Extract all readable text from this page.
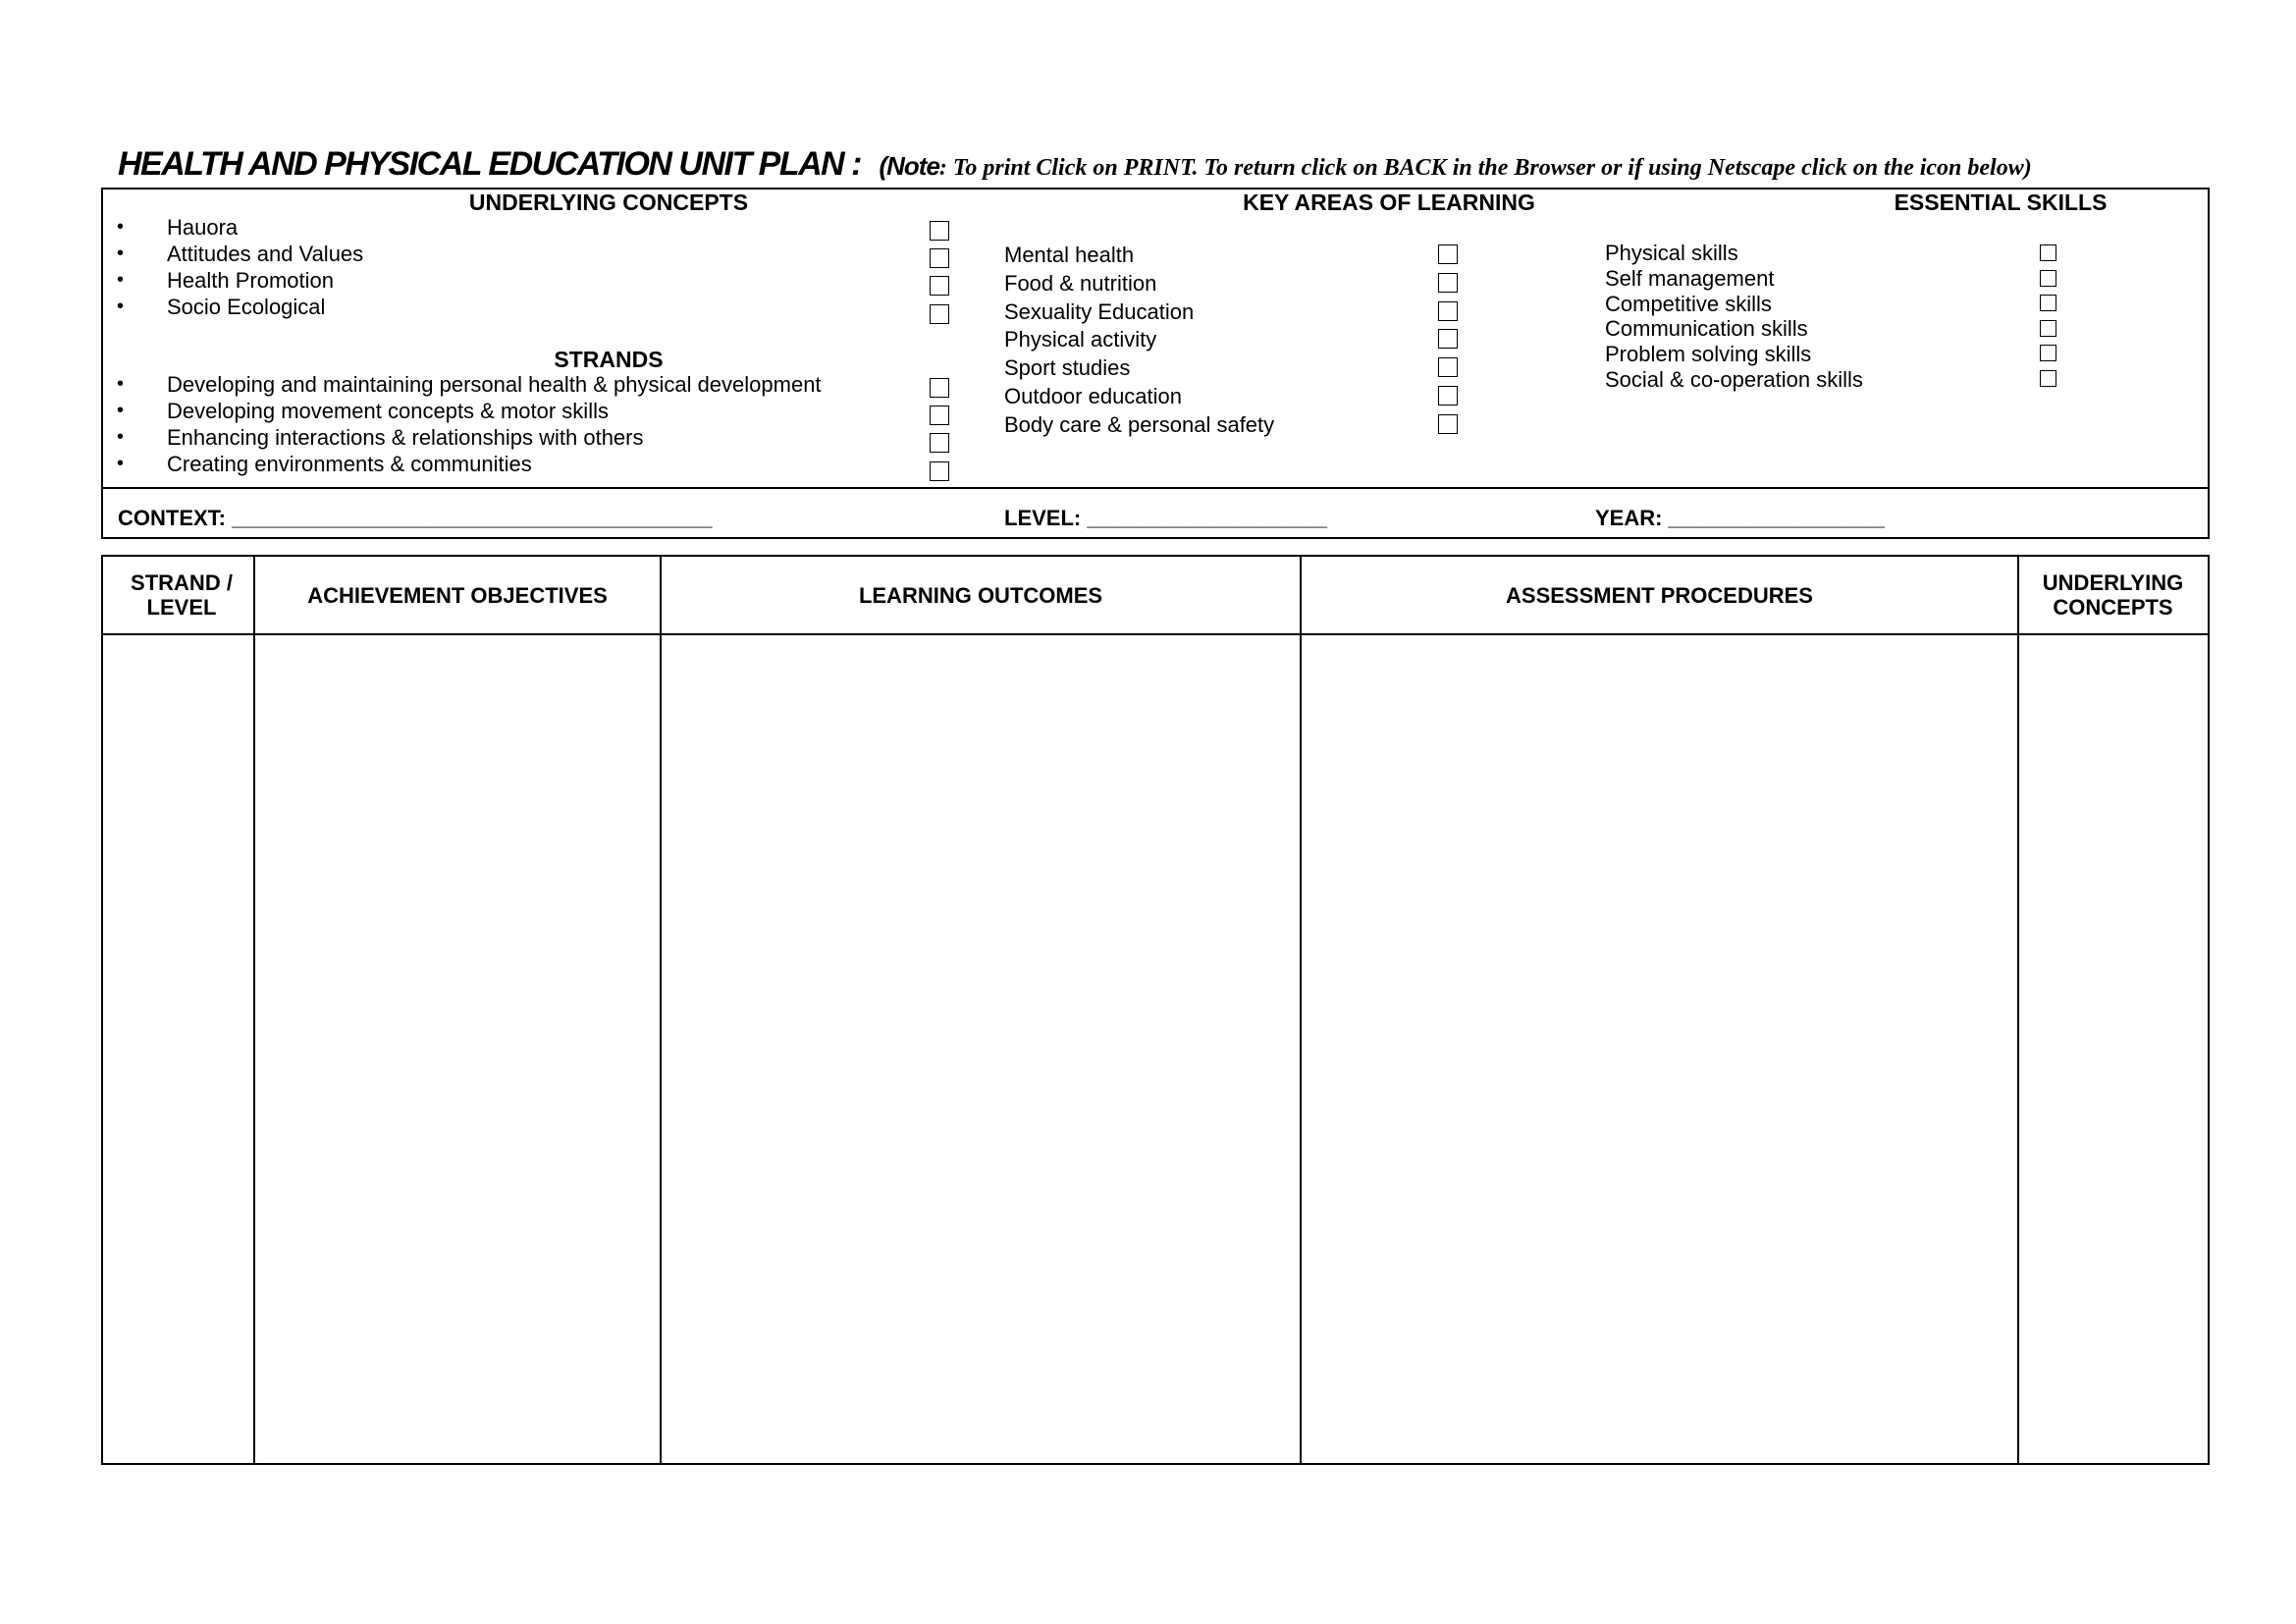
HEALTH AND PHYSICAL EDUCATION UNIT PLAN : (Note: To print Click on PRINT. To return click on BACK in the Browser or if using Netscape click on the icon below)
UNDERLYING CONCEPTS
• Hauora
• Attitudes and Values
• Health Promotion
• Socio Ecological
STRANDS
• Developing and maintaining personal health & physical development
• Developing movement concepts & motor skills
• Enhancing interactions & relationships with others
• Creating environments & communities
KEY AREAS OF LEARNING
Mental health
Food & nutrition
Sexuality Education
Physical activity
Sport studies
Outdoor education
Body care & personal safety
ESSENTIAL SKILLS
Physical skills
Self management
Competitive skills
Communication skills
Problem solving skills
Social & co-operation skills
CONTEXT: ________________________________________	LEVEL: ____________________	YEAR: __________________
STRAND / LEVEL	ACHIEVEMENT OBJECTIVES	LEARNING OUTCOMES	ASSESSMENT PROCEDURES	UNDERLYING CONCEPTS
